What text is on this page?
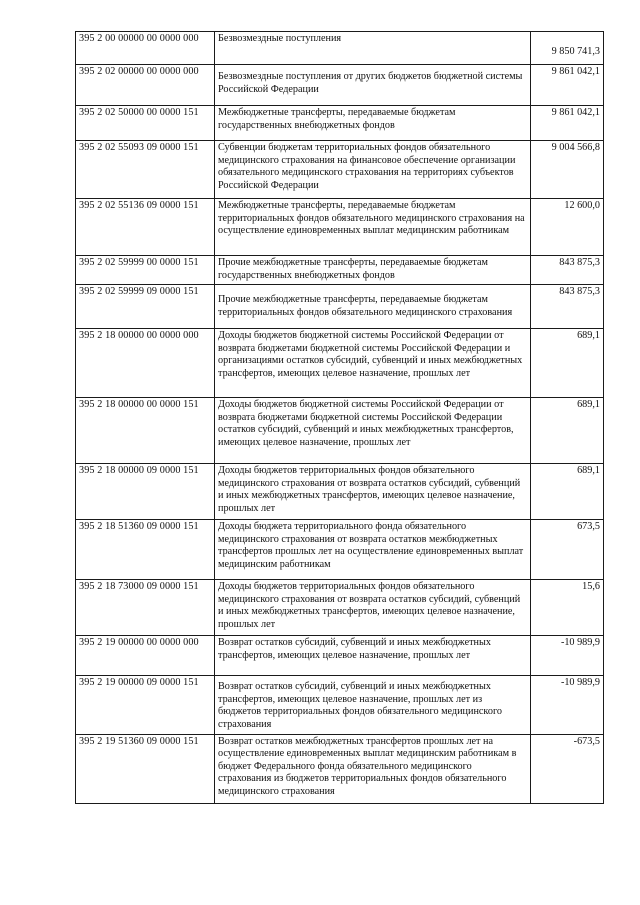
395 2 00 00000 00 0000 000	Безвозмездные поступления	9 850 741,3
395 2 02 00000 00 0000 000	Безвозмездные поступления от других бюджетов бюджетной системы Российской Федерации	9 861 042,1
395 2 02 50000 00 0000 151	Межбюджетные трансферты, передаваемые бюджетам государственных внебюджетных фондов	9 861 042,1
395 2 02 55093 09 0000 151	Субвенции бюджетам территориальных фондов обязательного медицинского страхования на финансовое обеспечение организации обязательного медицинского страхования на территориях субъектов Российской Федерации	9 004 566,8
395 2 02 55136 09 0000 151	Межбюджетные трансферты, передаваемые бюджетам территориальных фондов обязательного медицинского страхования на осуществление единовременных выплат медицинским работникам	12 600,0
395 2 02 59999 00 0000 151	Прочие межбюджетные трансферты, передаваемые бюджетам государственных внебюджетных фондов	843 875,3
395 2 02 59999 09 0000 151	Прочие межбюджетные трансферты, передаваемые бюджетам территориальных фондов обязательного медицинского страхования	843 875,3
395 2 18 00000 00 0000 000	Доходы бюджетов бюджетной системы Российской Федерации от возврата бюджетами бюджетной системы Российской Федерации и организациями остатков субсидий, субвенций и иных межбюджетных трансфертов, имеющих целевое назначение, прошлых лет	689,1
395 2 18 00000 00 0000 151	Доходы бюджетов бюджетной системы Российской Федерации от возврата бюджетами бюджетной системы Российской Федерации остатков субсидий, субвенций и иных межбюджетных трансфертов, имеющих целевое назначение, прошлых лет	689,1
395 2 18 00000 09 0000 151	Доходы бюджетов территориальных фондов обязательного медицинского страхования от возврата остатков субсидий, субвенций и иных межбюджетных трансфертов, имеющих целевое назначение, прошлых лет	689,1
395 2 18 51360 09 0000 151	Доходы бюджета территориального фонда обязательного медицинского страхования от возврата остатков межбюджетных трансфертов прошлых лет на осуществление единовременных выплат медицинским работникам	673,5
395 2 18 73000 09 0000 151	Доходы бюджетов территориальных фондов обязательного медицинского страхования от возврата остатков субсидий, субвенций и иных межбюджетных трансфертов, имеющих целевое назначение, прошлых лет	15,6
395 2 19 00000 00 0000 000	Возврат остатков субсидий, субвенций и иных межбюджетных трансфертов, имеющих целевое назначение, прошлых лет	-10 989,9
395 2 19 00000 09 0000 151	Возврат остатков субсидий, субвенций и иных межбюджетных трансфертов, имеющих целевое назначение, прошлых лет из бюджетов территориальных фондов обязательного медицинского страхования	-10 989,9
395 2 19 51360 09 0000 151	Возврат остатков межбюджетных трансфертов прошлых лет на осуществление единовременных выплат медицинским работникам в бюджет Федерального фонда обязательного медицинского страхования из бюджетов территориальных фондов обязательного медицинского страхования	-673,5
